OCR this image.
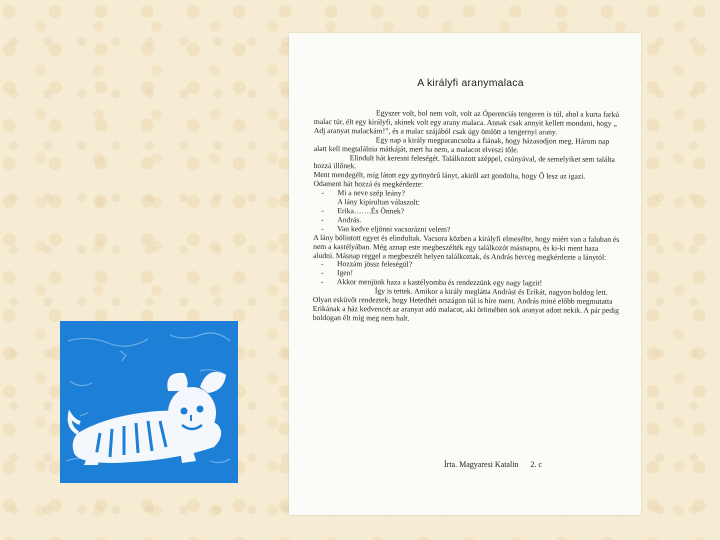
A királyfi aranymalaca

Egyszer volt, hol nem volt, volt az Óperenciás tengeren is túl, ahol a kurta farkú malac túr, élt egy királyfi, akinek volt egy arany malaca. Annak csak annyit kellett mondani, hogy „ Adj aranyat malackám!”, és a malac szájából csak úgy ömlött a tengernyi arany.

Egy nap a király megparancsolta a fiának, hogy házasodjon meg. Három nap alatt kell megtalálnia mátkáját, mert ha nem, a malacot elveszi tőle.

Elindult hát keresni feleségét. Találkozott széppel, csúnyával, de semelyiket sem találta hozzá illőnek.

Ment mendegélt, míg látott egy gyönyörű lányt, akiről azt gondolta, hogy Ő lesz az igazi.

Odament hát hozzá és megkérdezte:

- Mi a neve szép leány?

A lány kipirultan válaszolt:

- Erika…….És Önnek?

- András.

- Van kedve eljönni vacsorázni velem?

A lány bólintott egyet és elindultak. Vacsora közben a királyfi elmesélte, hogy miért van a faluban és nem a kastélyában. Még aznap este megbeszélték egy találkozót másnapra, és ki-ki ment haza aludni. Másnap reggel a megbeszélt helyen találkoztak, és András herceg megkérdezte a lánytól:

- Hozzám jössz feleségül?

- Igen!

- Akkor menjünk haza a kastélyomba és rendezzünk egy nagy lagzit!

Így is tettek. Amikor a király meglátta Andrást és Erikát, nagyon boldog lett. Olyan esküvőt rendeztek, hogy Hetedhét országon túl is híre ment. András miné előbb megmutatta Erikának a ház kedvencét az aranyat adó malacot, aki örömében sok aranyat adott nekik. A pár pedig boldogan élt míg meg nem halt.

Írta. Magyaresi Katalin 2. c
